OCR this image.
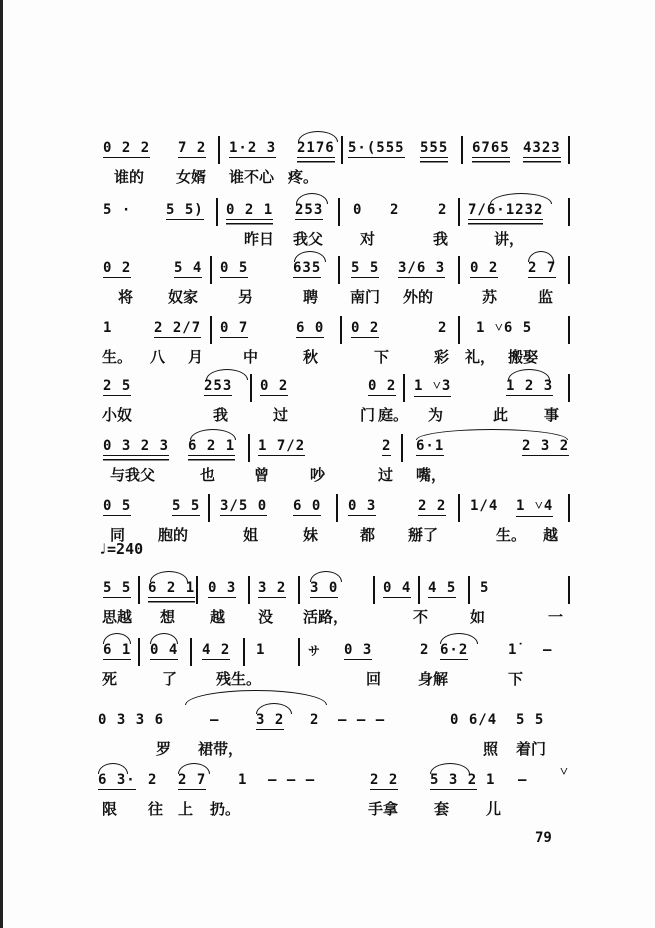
0 2 2 7 2 1·2 3 2176 5·(555 555 6765 4323
谁的 女婿 谁不心 疼。
5 · 5 5) 0 2 1 253 0 2	2 7/6·1232
昨日 我父 对	我	讲，
0 2	5 4 0 5	635 5 5 3/6 3 0 2 2 7
将 奴家	另	聘 南门 外的	苏	监
1	2 2/7 0 7	6 0 0 2	2 1 ˅6 5
生。 八 月	中	秋	下	彩 礼， 搬娶
2 5	253 0 2	0 2 1 ˅3	1 2 3
小奴	我	过	门 庭。 为	此 事
0 3 2 3 6 2 1 1 7/2	2 6·1	2 3 2
与我父	也	曾	吵	过 嘴，
0 5	5 5 3/5 0 6 0 0 3	2 2 1/4 1 ˅4
同 胞的	姐	妹	都 掰了	生。 越
♩=240
5 5 6 2 1 0 3 3 2 3 0	0 4 4 5 5
思越 想 越 没 活路，	不	如	一
6 1 0 4 4 2 1	サ 0 3	2 6·2	1̇ —
死	了	残生。	回 身解	下
0 3 3 6	—	3 2 2 — — —	0 6/4 5 5
罗 裙带，	照 着门
6 3· 2 2 7 1 — — —	2 2 5 3 2 1 — ˅
限 往 上 扔。	手拿 套 儿
79
